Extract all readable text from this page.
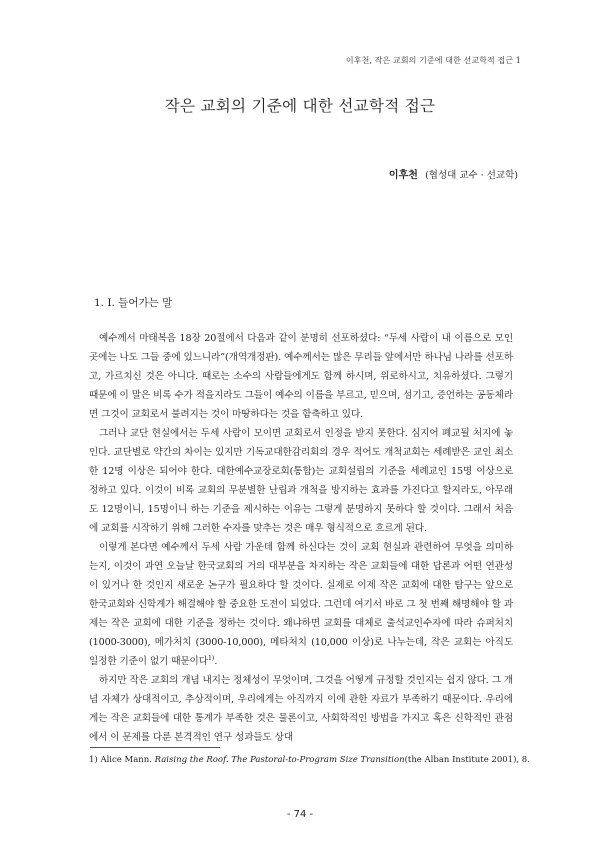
이후천, 작은 교회의 기준에 대한 선교학적 접근 1
작은 교회의 기준에 대한 선교학적 접근
이후천 (협성대 교수 · 선교학)
1. I. 들어가는 말

예수께서 마태복음 18장 20절에서 다음과 같이 분명히 선포하셨다: “두세 사람이 내 이름으로 모인 곳에는 나도 그들 중에 있느니라”(개역개정판). 예수께서는 많은 무리들 앞에서만 하나님 나라를 선포하고, 가르치신 것은 아니다. 때로는 소수의 사람들에게도 함께 하시며, 위로하시고, 치유하셨다. 그렇기 때문에 이 말은 비록 수가 적을지라도 그들이 예수의 이름을 부르고, 믿으며, 섬기고, 증언하는 공동체라면 그것이 교회로서 불려지는 것이 마땅하다는 것을 함축하고 있다.

그러나 교단 현실에서는 두세 사람이 모이면 교회로서 인정을 받지 못한다. 심지어 폐교될 처지에 놓인다. 교단별로 약간의 차이는 있지만 기독교대한감리회의 경우 적어도 개척교회는 세례받은 교인 최소한 12명 이상은 되어야 한다. 대한예수교장로회(통합)는 교회설립의 기준을 세례교인 15명 이상으로 정하고 있다. 이것이 비록 교회의 무분별한 난립과 개척을 방지하는 효과를 가진다고 할지라도, 아무래도 12명이니, 15명이니 하는 기준을 제시하는 이유는 그렇게 분명하지 못하다 할 것이다. 그래서 처음에 교회를 시작하기 위해 그러한 수자를 맞추는 것은 매우 형식적으로 흐르게 된다.

이렇게 본다면 예수께서 두세 사람 가운데 함께 하신다는 것이 교회 현실과 관련하여 무엇을 의미하는지, 이것이 과연 오늘날 한국교회의 거의 대부분을 차지하는 작은 교회들에 대한 답론과 어떤 연관성이 있거나 한 것인지 새로운 논구가 필요하다 할 것이다. 실제로 이제 작은 교회에 대한 탐구는 앞으로 한국교회와 신학계가 해결해야 할 중요한 도전이 되었다. 그런데 여기서 바로 그 첫 번째 해명해야 할 과제는 작은 교회에 대한 기준을 정하는 것이다. 왜냐하면 교회를 대체로 출석교인수자에 따라 슈퍼처치 (1000-3000), 메가처치 (3000-10,000), 메타처치 (10,000 이상)로 나누는데, 작은 교회는 아직도 일정한 기준이 없기 때문이다$^{1)}$.

하지만 작은 교회의 개념 내지는 정체성이 무엇이며, 그것을 어떻게 규정할 것인지는 쉽지 않다. 그 개념 자체가 상대적이고, 추상적이며, 우리에게는 아직까지 이에 관한 자료가 부족하기 때문이다. 우리에게는 작은 교회들에 대한 통계가 부족한 것은 물론이고, 사회학적인 방법을 가지고 혹은 신학적인 관점에서 이 문제를 다룬 본격적인 연구 성과들도 상대

1) Alice Mann. Raising the Roof. The Pastoral-to-Program Size Transition(the Alban Institute 2001), 8.
- 74 -
